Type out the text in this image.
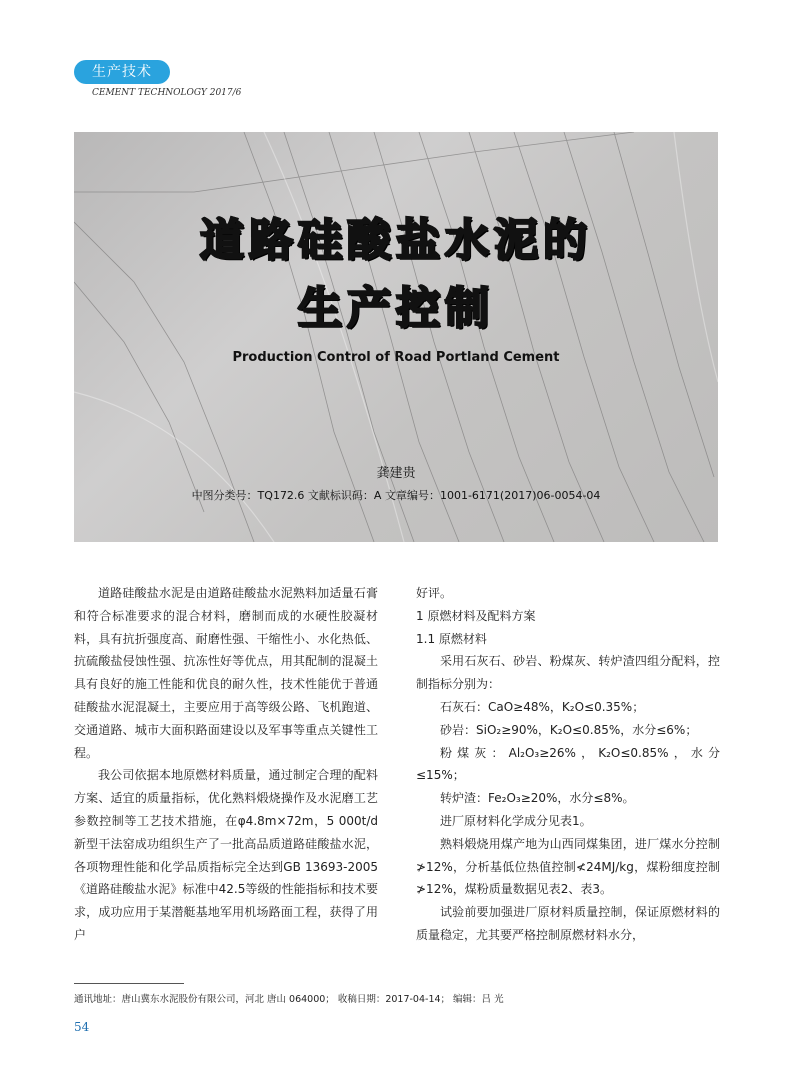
生产技术
CEMENT TECHNOLOGY 2017/6
道路硅酸盐水泥的
生产控制
Production Control of Road Portland Cement
龚建贵
中图分类号：TQ172.6 文献标识码：A 文章编号：1001-6171(2017)06-0054-04

道路硅酸盐水泥是由道路硅酸盐水泥熟料加适量石膏和符合标准要求的混合材料，磨制而成的水硬性胶凝材料，具有抗折强度高、耐磨性强、干缩性小、水化热低、抗硫酸盐侵蚀性强、抗冻性好等优点，用其配制的混凝土具有良好的施工性能和优良的耐久性，技术性能优于普通硅酸盐水泥混凝土，主要应用于高等级公路、飞机跑道、交通道路、城市大面积路面建设以及军事等重点关键性工程。

我公司依据本地原燃材料质量，通过制定合理的配料方案、适宜的质量指标，优化熟料煅烧操作及水泥磨工艺参数控制等工艺技术措施，在φ4.8m×72m，5 000t/d新型干法窑成功组织生产了一批高品质道路硅酸盐水泥，各项物理性能和化学品质指标完全达到GB 13693-2005《道路硅酸盐水泥》标准中42.5等级的性能指标和技术要求，成功应用于某潜艇基地军用机场路面工程，获得了用户

好评。

1 原燃材料及配料方案

1.1 原燃材料

采用石灰石、砂岩、粉煤灰、转炉渣四组分配料，控制指标分别为：

石灰石：CaO≥48%，K₂O≤0.35%；

砂岩：SiO₂≥90%，K₂O≤0.85%，水分≤6%；

粉煤灰：Al₂O₃≥26%，K₂O≤0.85%，水分≤15%；

转炉渣：Fe₂O₃≥20%，水分≤8%。

进厂原材料化学成分见表1。

熟料煅烧用煤产地为山西同煤集团，进厂煤水分控制≯12%，分析基低位热值控制≮24MJ/kg，煤粉细度控制≯12%，煤粉质量数据见表2、表3。

试验前要加强进厂原材料质量控制，保证原燃材料的质量稳定，尤其要严格控制原燃材料水分，

通讯地址：唐山冀东水泥股份有限公司，河北 唐山 064000； 收稿日期：2017-04-14； 编辑：吕 光
54
